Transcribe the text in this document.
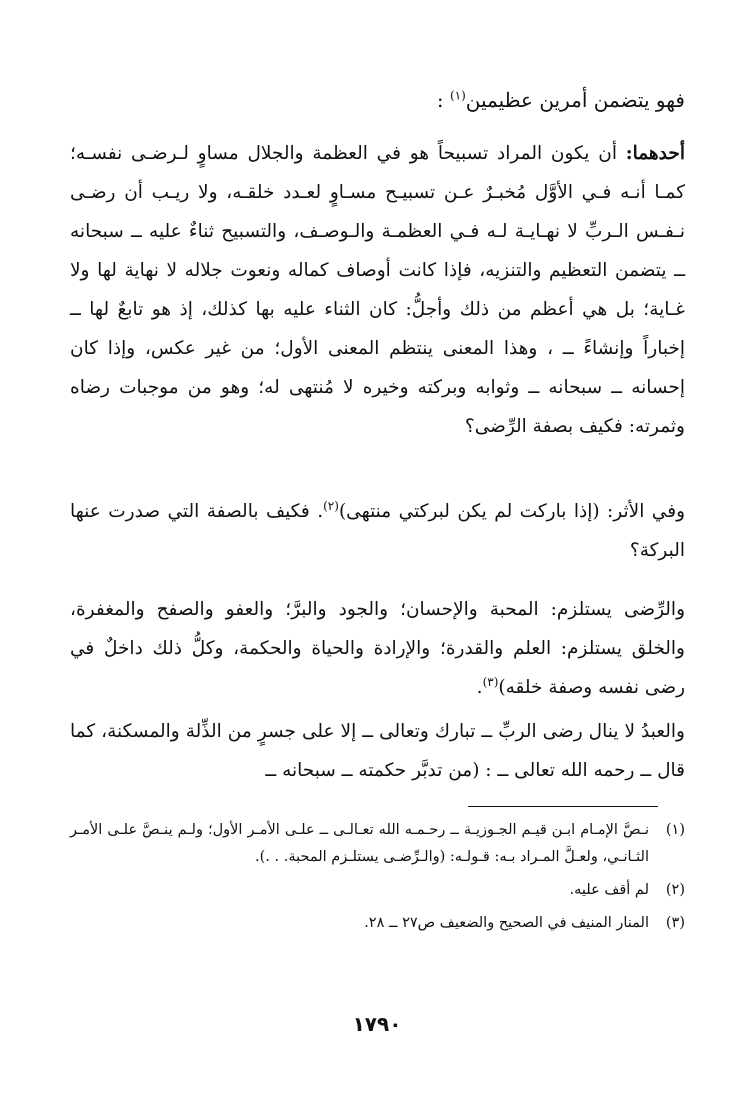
فهو يتضمن أمرين عظيمين$^{(١)}$ :
أحدهما: أن يكون المراد تسبيحاً هو في العظمة والجلال مساوٍ لـرضـى نفسـه؛ كمـا أنـه فـي الأوَّل مُخبـرٌ عـن تسبيـح مسـاوٍ لعـدد خلقـه، ولا ريـب أن رضـى نـفـس الـربِّ لا نهـايـة لـه فـي العظمـة والـوصـف، والتسبيح ثناءٌ عليه ــ سبحانه ــ يتضمن التعظيم والتنزيه، فإذا كانت أوصاف كماله ونعوت جلاله لا نهاية لها ولا غـاية؛ بل هي أعظم من ذلك وأجلُّ: كان الثناء عليه بها كذلك، إذ هو تابعٌ لها ــ إخباراً وإنشاءً ــ ، وهذا المعنى ينتظم المعنى الأول؛ من غير عكس، وإذا كان إحسانه ــ سبحانه ــ وثوابه وبركته وخيره لا مُنتهى له؛ وهو من موجبات رضاه وثمرته: فكيف بصفة الرِّضى؟
وفي الأثر: (إذا باركت لم يكن لبركتي منتهى)$^{(٢)}$. فكيف بالصفة التي صدرت عنها البركة؟
والرِّضى يستلزم: المحبة والإحسان؛ والجود والبرَّ؛ والعفو والصفح والمغفرة، والخلق يستلزم: العلم والقدرة؛ والإرادة والحياة والحكمة، وكلُّ ذلك داخلٌ في رضى نفسه وصفة خلقه)$^{(٣)}$.
والعبدُ لا ينال رضى الربِّ ــ تبارك وتعالى ــ إلا على جسرٍ من الذِّلة والمسكنة، كما قال ــ رحمه الله تعالى ــ : (من تدبَّر حكمته ــ سبحانه ــ
(١)
نـصَّ الإمـام ابـن قيـم الجـوزيـة ــ رحـمـه الله تعـالـى ــ علـى الأمـر الأول؛ ولـم ينـصَّ علـى الأمـر الثـانـي، ولعـلَّ المـراد بـه: قـولـه: (والـرِّضـى يستلـزم المحبة. . .).
(٢)
لم أقف عليه.
(٣)
المنار المنيف في الصحيح والضعيف ص٢٧ ــ ٢٨.
١٧٩٠
